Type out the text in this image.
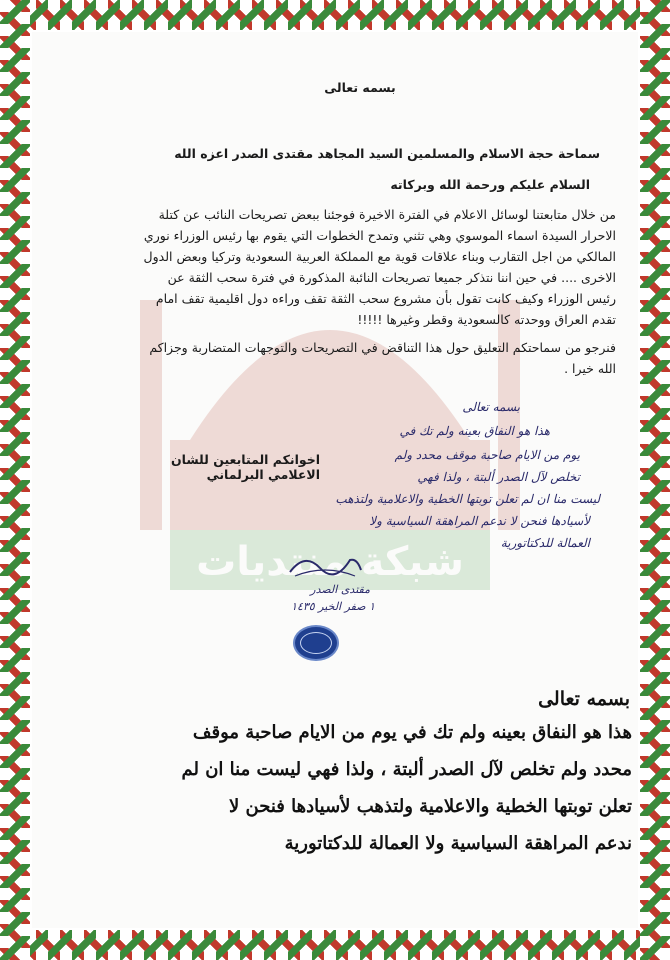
شبكة منتديات
بسمه تعالى
سماحة حجة الاسلام والمسلمين السيد المجاهد مقتدى الصدر اعزه الله
السلام عليكم ورحمة الله وبركاته
من خلال متابعتنا لوسائل الاعلام في الفترة الاخيرة فوجئنا ببعض تصريحات النائب عن كتلة
الاحرار السيدة اسماء الموسوي وهي تثني وتمدح الخطوات التي يقوم بها رئيس الوزراء نوري
المالكي من اجل التقارب وبناء علاقات قوية مع المملكة العربية السعودية وتركيا وبعض الدول
الاخرى .... في حين اننا نتذكر جميعا تصريحات النائبة المذكورة في فترة سحب الثقة عن
رئيس الوزراء وكيف كانت تقول بأن مشروع سحب الثقة تقف وراءه دول اقليمية تقف امام
تقدم العراق ووحدته كالسعودية وقطر وغيرها !!!!!
فنرجو من سماحتكم التعليق حول هذا التناقض في التصريحات والتوجهات المتضاربة وجزاكم
الله خيرا .
اخوانكم المتابعين للشان الاعلامي البرلماني
بسمه تعالى
هذا هو النفاق بعينه ولم تك في
يوم من الايام صاحبة موقف محدد ولم
تخلص لآل الصدر ألبتة ، ولذا فهي
ليست منا ان لم تعلن توبتها الخطية والاعلامية ولتذهب
لأسيادها فنحن لا ندعم المراهقة السياسية ولا
العمالة للدكتاتورية
مقتدى الصدر
١ صفر الخير ١٤٣٥
بسمه تعالى
هذا هو النفاق بعينه ولم تك في يوم من الايام صاحبة موقف
محدد ولم تخلص لآل الصدر ألبتة ، ولذا فهي ليست منا ان لم
تعلن توبتها الخطية والاعلامية ولتذهب لأسيادها فنحن لا
ندعم المراهقة السياسية ولا العمالة للدكتاتورية
